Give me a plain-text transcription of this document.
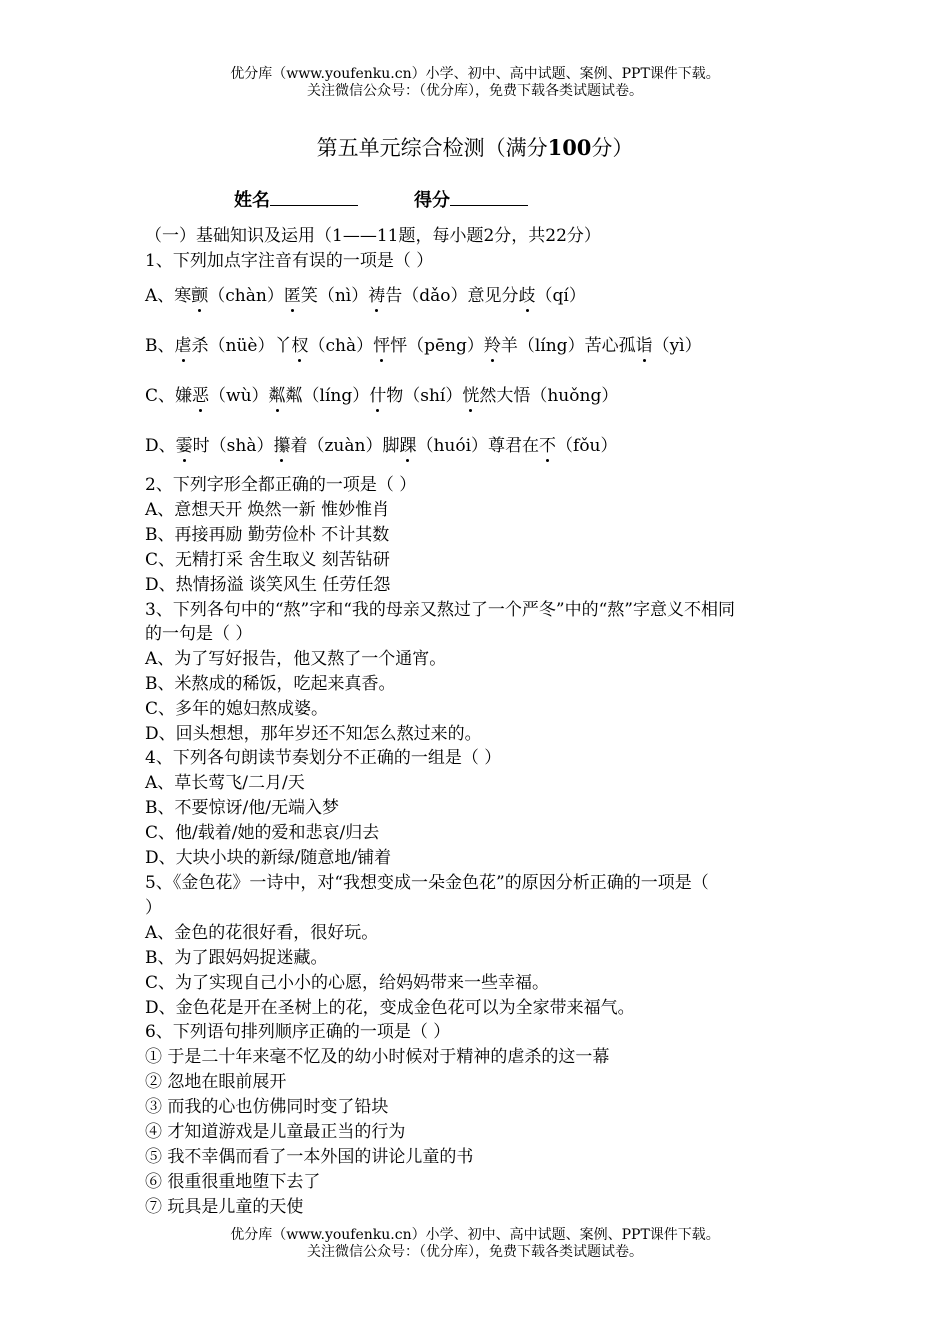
优分库（www.youfenku.cn）小学、初中、高中试题、案例、PPT课件下载。
关注微信公众号：（优分库），免费下载各类试题试卷。
第五单元综合检测（满分100分）
姓名	得分
（一）基础知识及运用（1——11题，每小题2分，共22分）
1、下列加点字注音有误的一项是（ ）
A、寒颤（chàn）匿笑（nì）祷告（dǎo）意见分歧（qí）
B、虐杀（nüè）丫杈（chà）怦怦（pēng）羚羊（líng）苦心孤诣（yì）
C、嫌恶（wù）粼粼（líng）什物（shí）恍然大悟（huǒng）
D、霎时（shà）攥着（zuàn）脚踝（huói）尊君在不（fǒu）
2、下列字形全都正确的一项是（ ）
A、意想天开 焕然一新 惟妙惟肖
B、再接再励 勤劳俭朴 不计其数
C、无精打采 舍生取义 刻苦钻研
D、热情扬溢 谈笑风生 任劳任怨
3、下列各句中的“熬”字和“我的母亲又熬过了一个严冬”中的“熬”字意义不相同
的一句是（ ）
A、为了写好报告，他又熬了一个通宵。
B、米熬成的稀饭，吃起来真香。
C、多年的媳妇熬成婆。
D、回头想想，那年岁还不知怎么熬过来的。
4、下列各句朗读节奏划分不正确的一组是（ ）
A、草长莺飞/二月/天
B、不要惊讶/他/无端入梦
C、他/载着/她的爱和悲哀/归去
D、大块小块的新绿/随意地/铺着
5、《金色花》一诗中，对“我想变成一朵金色花”的原因分析正确的一项是（
）
A、金色的花很好看，很好玩。
B、为了跟妈妈捉迷藏。
C、为了实现自己小小的心愿，给妈妈带来一些幸福。
D、金色花是开在圣树上的花，变成金色花可以为全家带来福气。
6、下列语句排列顺序正确的一项是（ ）
① 于是二十年来毫不忆及的幼小时候对于精神的虐杀的这一幕
② 忽地在眼前展开
③ 而我的心也仿佛同时变了铅块
④ 才知道游戏是儿童最正当的行为
⑤ 我不幸偶而看了一本外国的讲论儿童的书
⑥ 很重很重地堕下去了
⑦ 玩具是儿童的天使
优分库（www.youfenku.cn）小学、初中、高中试题、案例、PPT课件下载。
关注微信公众号：（优分库），免费下载各类试题试卷。
